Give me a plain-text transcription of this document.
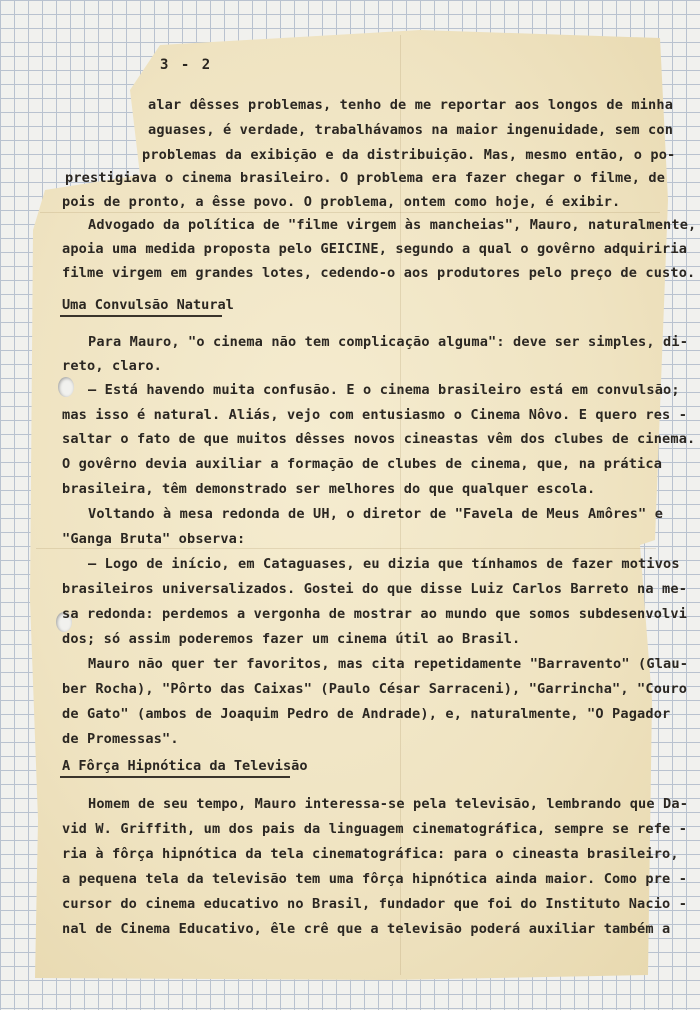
3 - 2

alar dêsses problemas, tenho de me reportar aos longos de minha

aguases, é verdade, trabalhávamos na maior ingenuidade, sem con

problemas da exibição e da distribuição. Mas, mesmo então, o po-

prestigiava o cinema brasileiro. O problema era fazer chegar o filme, de

pois de pronto, a êsse povo. O problema, ontem como hoje, é exibir.

Advogado da política de "filme virgem às mancheias", Mauro, naturalmente,

apoia uma medida proposta pelo GEICINE, segundo a qual o govêrno adquiriria

filme virgem em grandes lotes, cedendo-o aos produtores pelo preço de custo.

Uma Convulsão Natural

Para Mauro, "o cinema não tem complicação alguma": deve ser simples, di-

reto, claro.

— Está havendo muita confusão. E o cinema brasileiro está em convulsão;

mas isso é natural. Aliás, vejo com entusiasmo o Cinema Nôvo. E quero res -

saltar o fato de que muitos dêsses novos cineastas vêm dos clubes de cinema.

O govêrno devia auxiliar a formação de clubes de cinema, que, na prática

brasileira, têm demonstrado ser melhores do que qualquer escola.

Voltando à mesa redonda de UH, o diretor de "Favela de Meus Amôres" e

"Ganga Bruta" observa:

— Logo de início, em Cataguases, eu dizia que tínhamos de fazer motivos

brasileiros universalizados. Gostei do que disse Luiz Carlos Barreto na me-

sa redonda: perdemos a vergonha de mostrar ao mundo que somos subdesenvolvi

dos; só assim poderemos fazer um cinema útil ao Brasil.

Mauro não quer ter favoritos, mas cita repetidamente "Barravento" (Glau-

ber Rocha), "Pôrto das Caixas" (Paulo César Sarraceni), "Garrincha", "Couro

de Gato" (ambos de Joaquim Pedro de Andrade), e, naturalmente, "O Pagador

de Promessas".

A Fôrça Hipnótica da Televisão

Homem de seu tempo, Mauro interessa-se pela televisão, lembrando que Da-

vid W. Griffith, um dos pais da linguagem cinematográfica, sempre se refe -

ria à fôrça hipnótica da tela cinematográfica: para o cineasta brasileiro,

a pequena tela da televisão tem uma fôrça hipnótica ainda maior. Como pre -

cursor do cinema educativo no Brasil, fundador que foi do Instituto Nacio -

nal de Cinema Educativo, êle crê que a televisão poderá auxiliar também a
